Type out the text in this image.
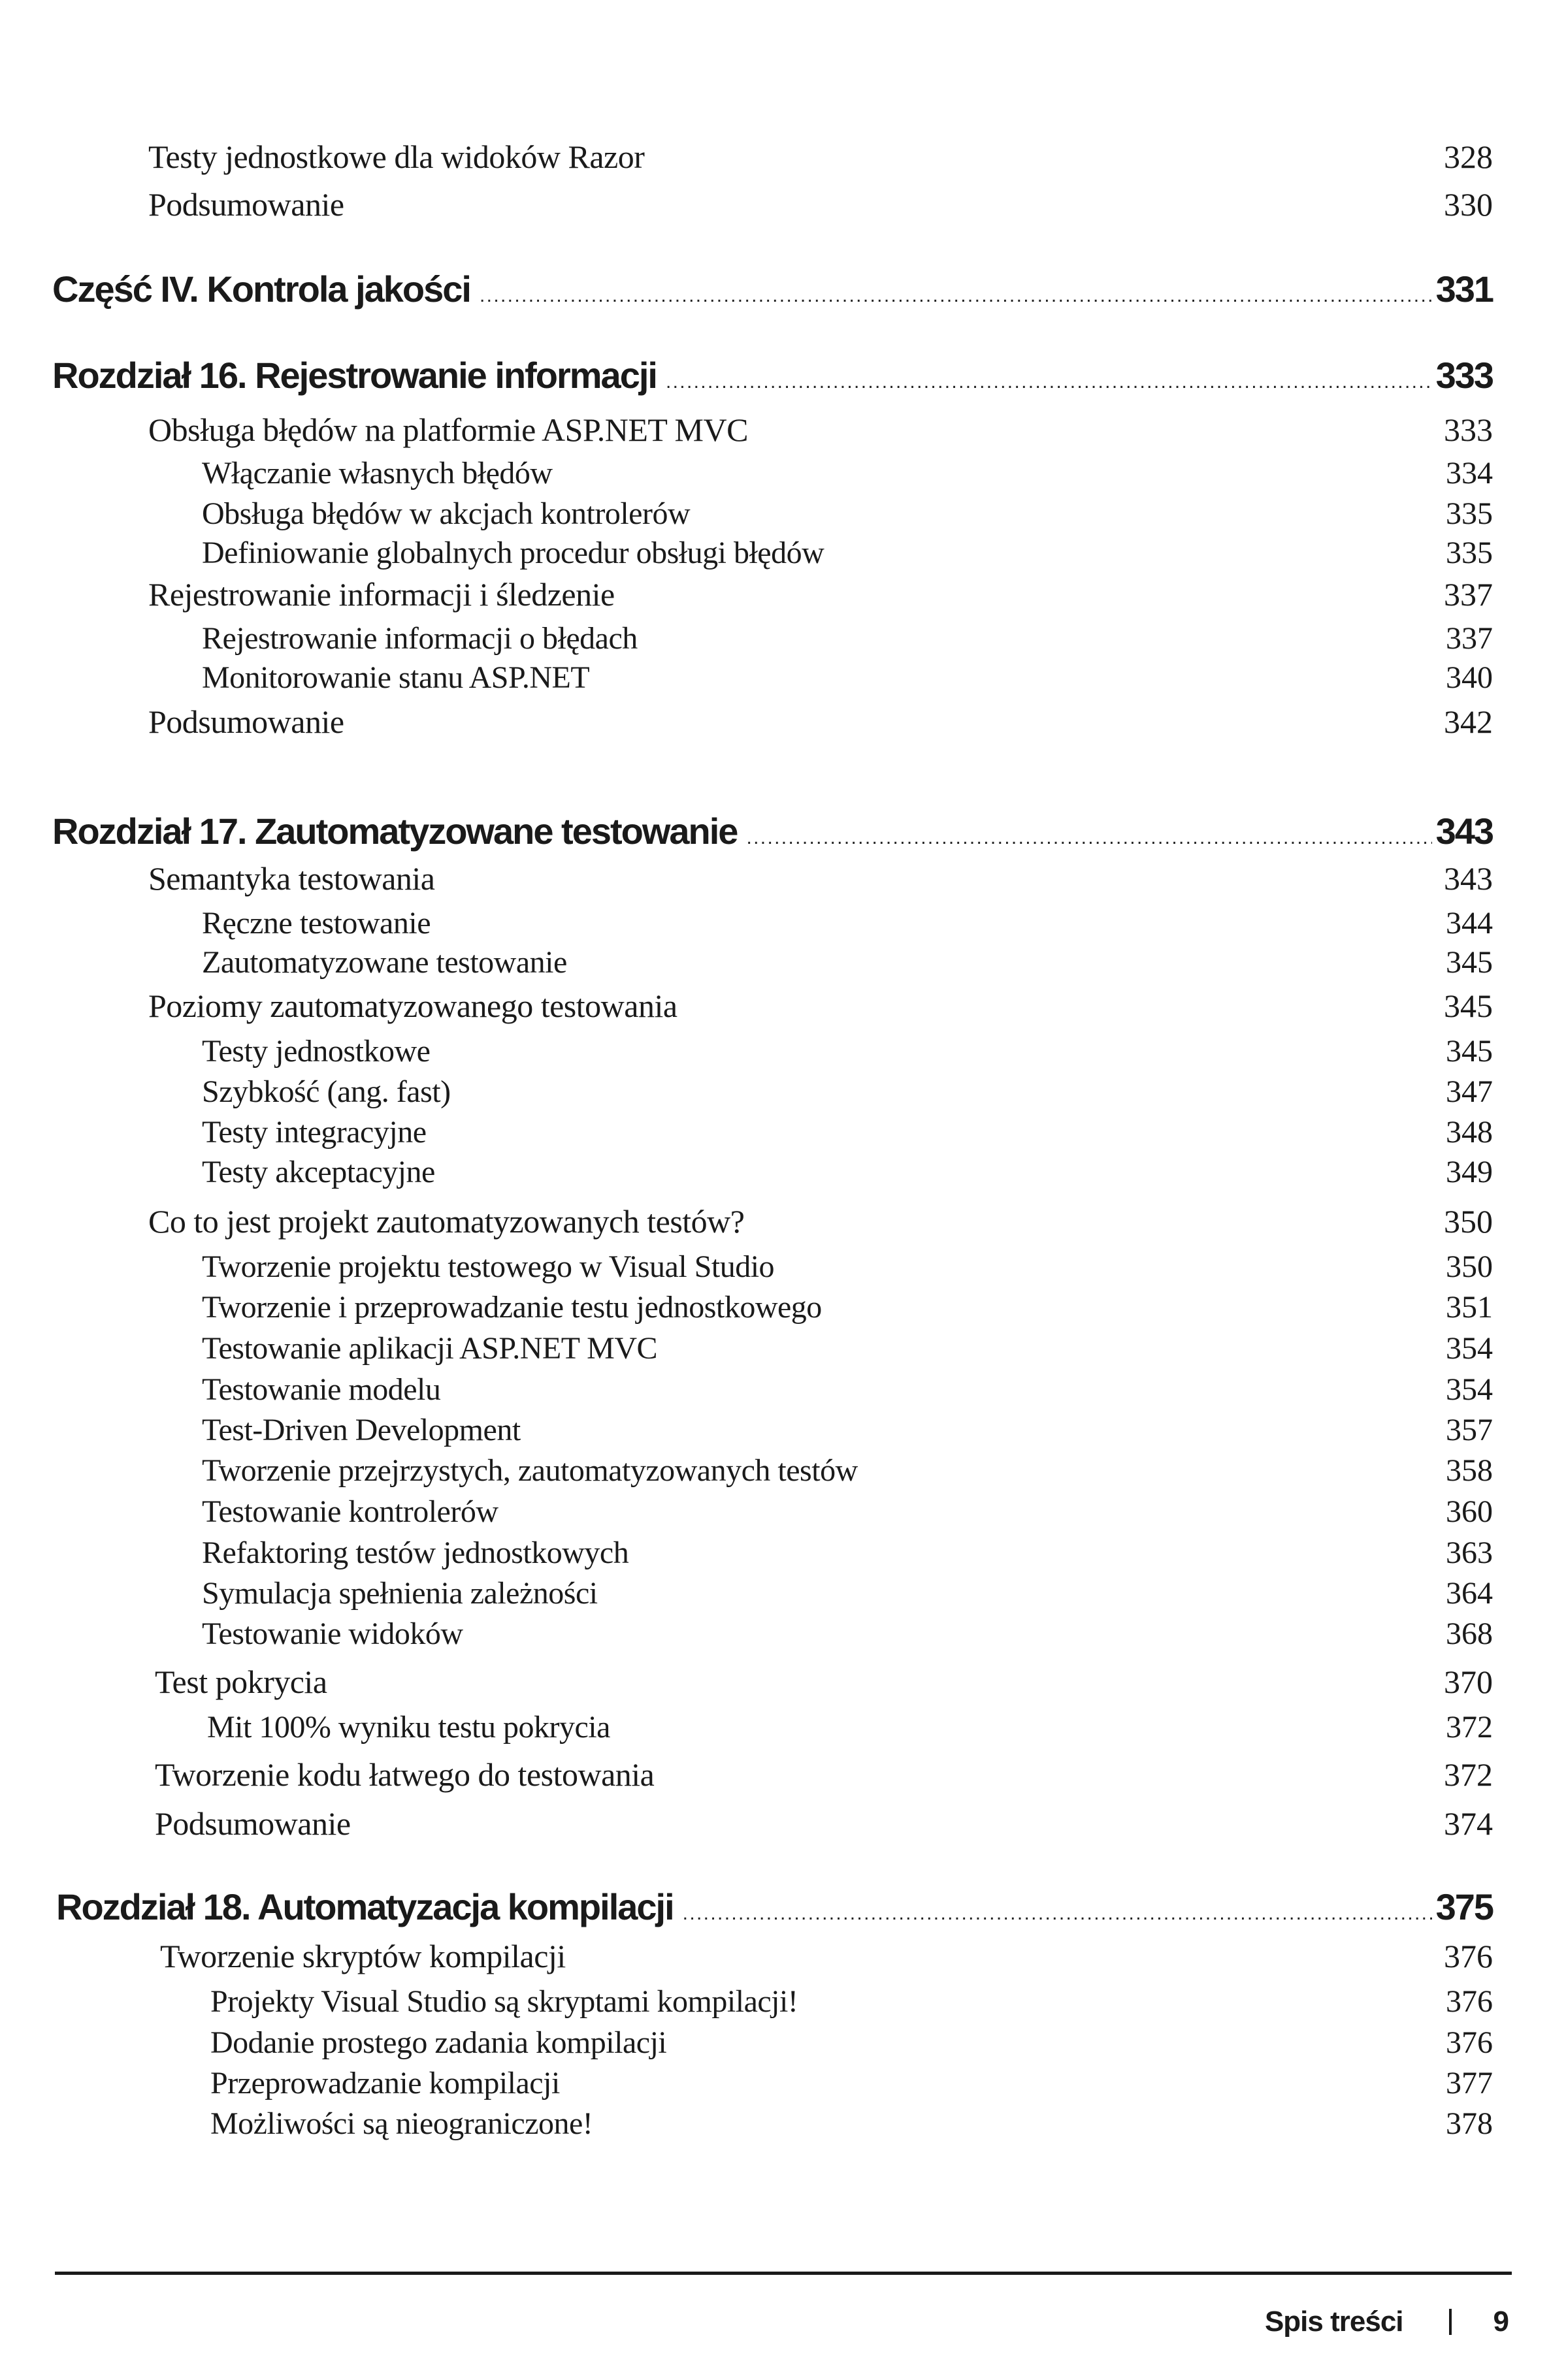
Testy jednostkowe dla widoków Razor	328
Podsumowanie	330
Część IV. Kontrola jakości . . .	331
Rozdział 16. Rejestrowanie informacji . . .	333
Obsługa błędów na platformie ASP.NET MVC	333
Włączanie własnych błędów	334
Obsługa błędów w akcjach kontrolerów	335
Definiowanie globalnych procedur obsługi błędów	335
Rejestrowanie informacji i śledzenie	337
Rejestrowanie informacji o błędach	337
Monitorowanie stanu ASP.NET	340
Podsumowanie	342
Rozdział 17. Zautomatyzowane testowanie . . .	343
Semantyka testowania	343
Ręczne testowanie	344
Zautomatyzowane testowanie	345
Poziomy zautomatyzowanego testowania	345
Testy jednostkowe	345
Szybkość (ang. fast)	347
Testy integracyjne	348
Testy akceptacyjne	349
Co to jest projekt zautomatyzowanych testów?	350
Tworzenie projektu testowego w Visual Studio	350
Tworzenie i przeprowadzanie testu jednostkowego	351
Testowanie aplikacji ASP.NET MVC	354
Testowanie modelu	354
Test-Driven Development	357
Tworzenie przejrzystych, zautomatyzowanych testów	358
Testowanie kontrolerów	360
Refaktoring testów jednostkowych	363
Symulacja spełnienia zależności	364
Testowanie widoków	368
Test pokrycia	370
Mit 100% wyniku testu pokrycia	372
Tworzenie kodu łatwego do testowania	372
Podsumowanie	374
Rozdział 18. Automatyzacja kompilacji . . .	375
Tworzenie skryptów kompilacji	376
Projekty Visual Studio są skryptami kompilacji!	376
Dodanie prostego zadania kompilacji	376
Przeprowadzanie kompilacji	377
Możliwości są nieograniczone!	378
Spis treści	9
